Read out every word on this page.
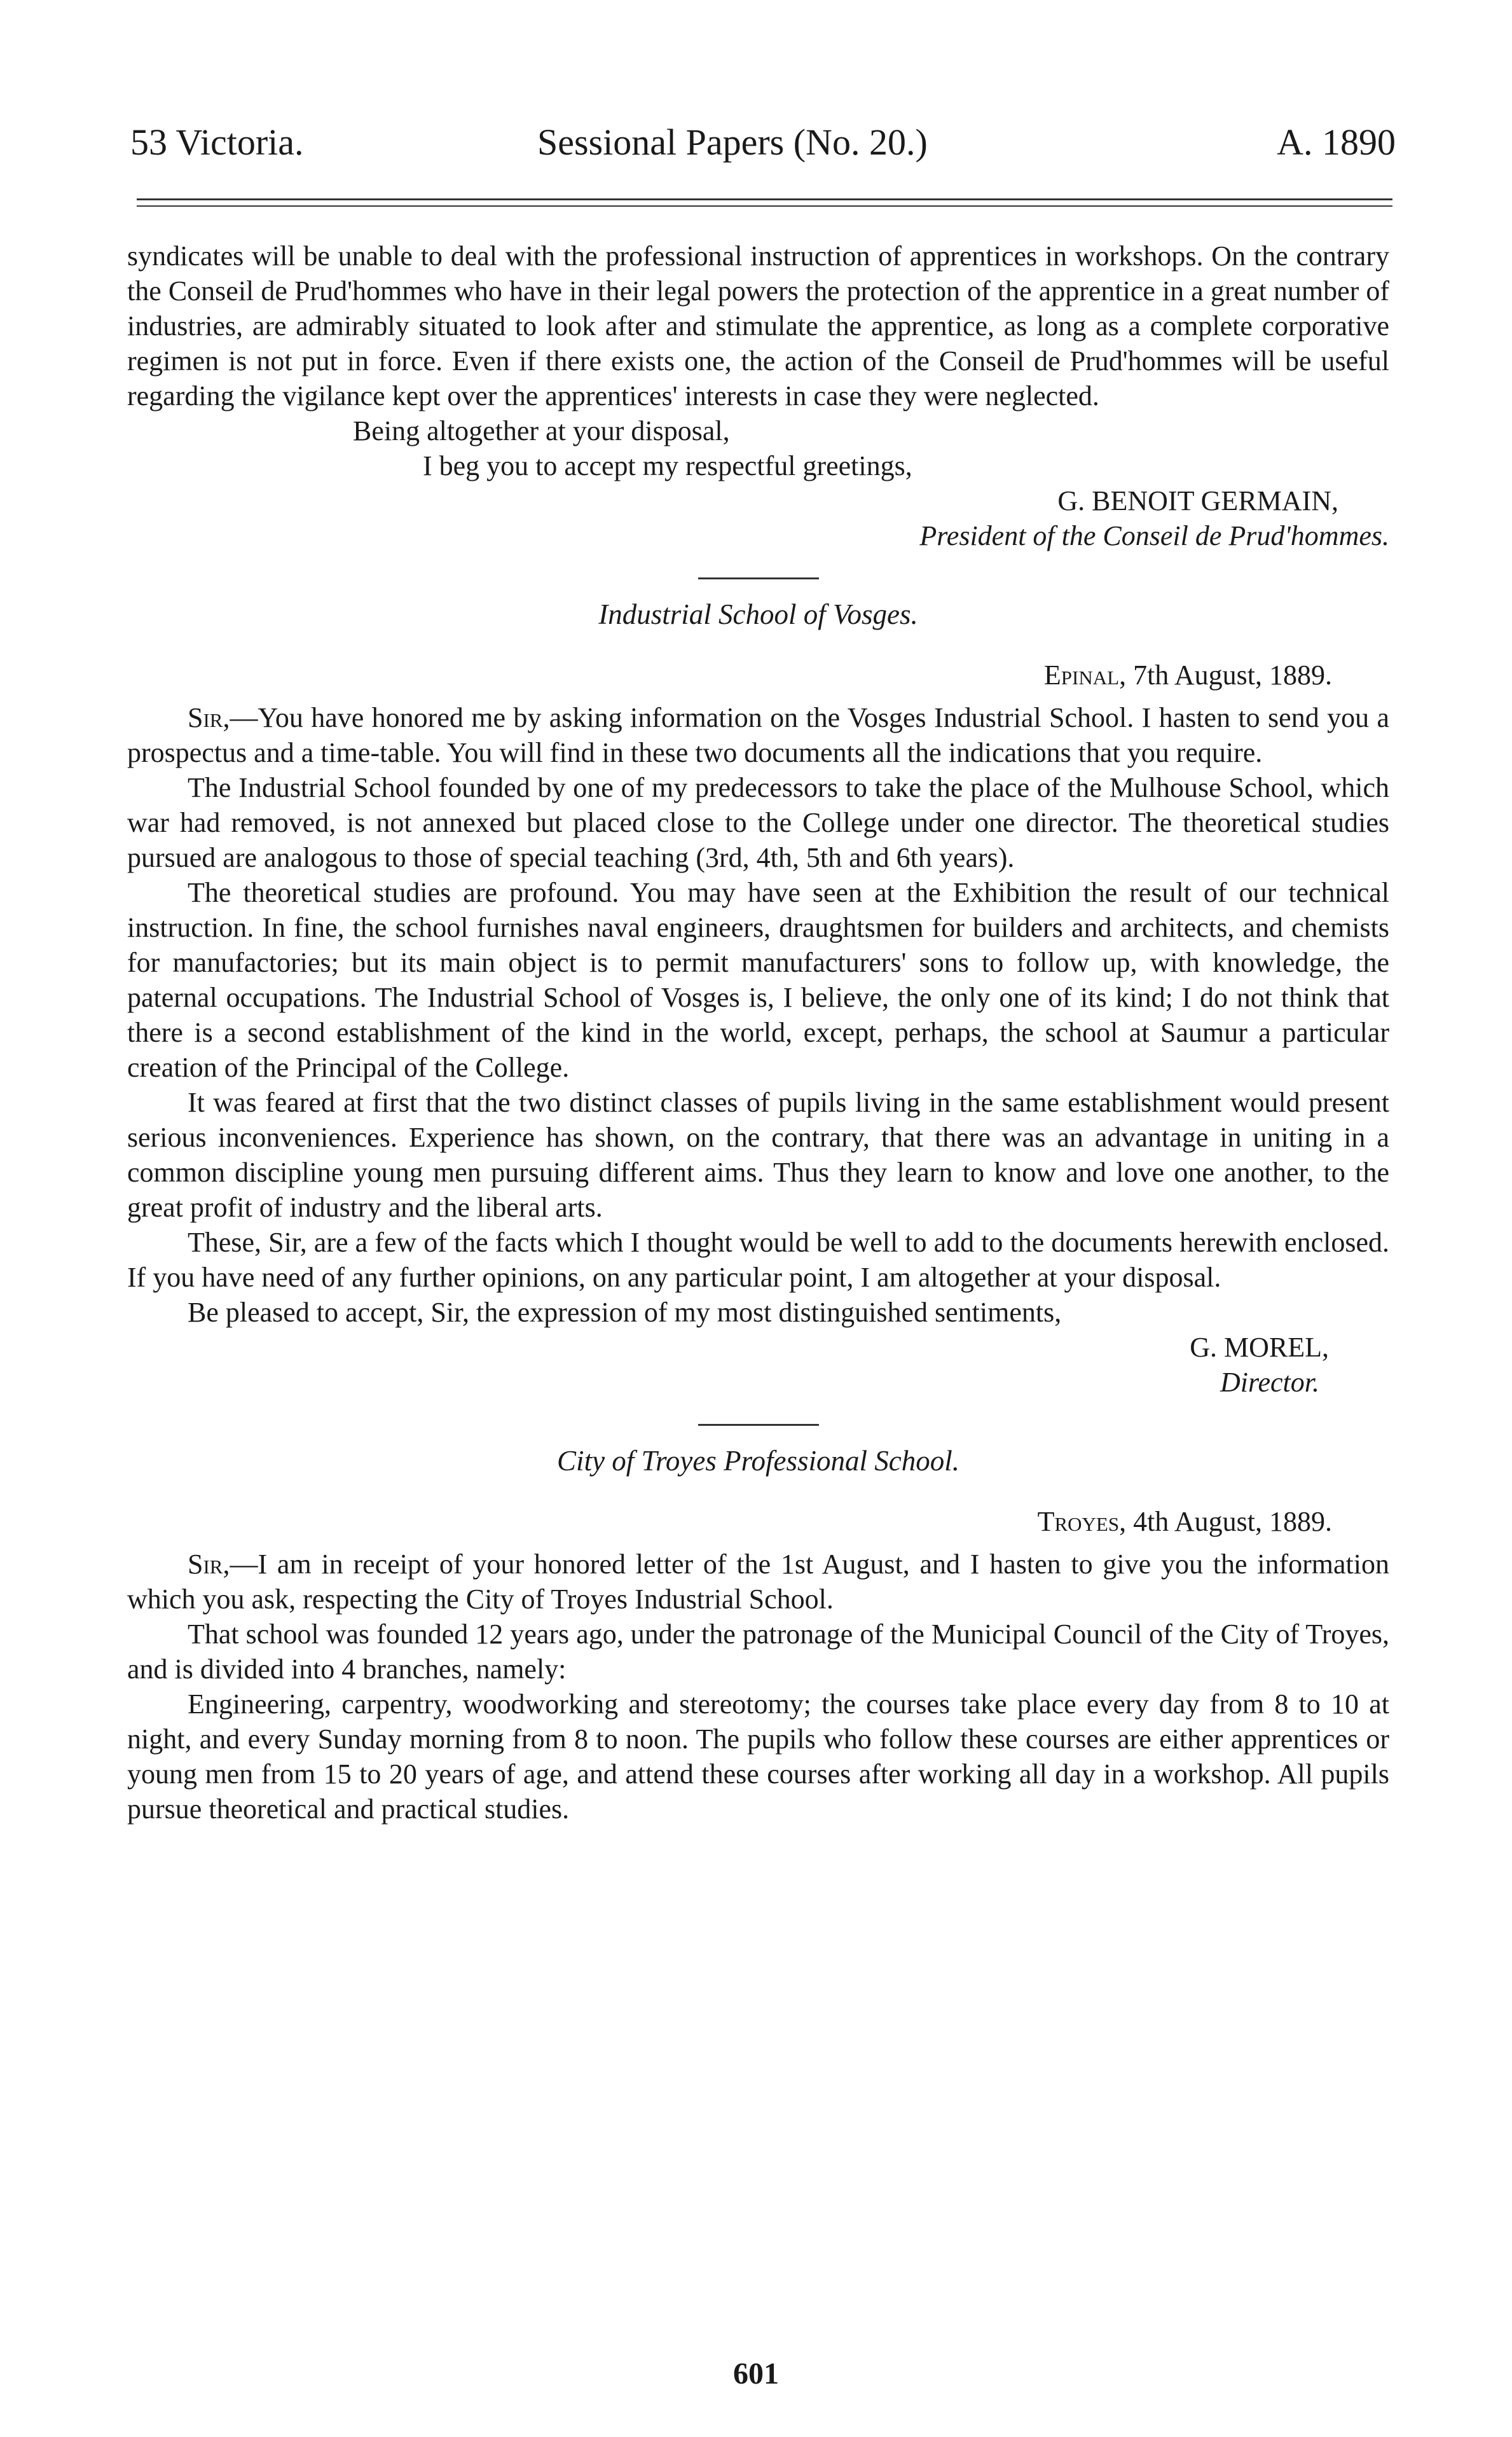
53 Victoria.	Sessional Papers (No. 20.)	A. 1890

syndicates will be unable to deal with the professional instruction of apprentices in workshops. On the contrary the Conseil de Prud'hommes who have in their legal powers the protection of the apprentice in a great number of industries, are admirably situated to look after and stimulate the apprentice, as long as a complete corporative regimen is not put in force. Even if there exists one, the action of the Conseil de Prud'hommes will be useful regarding the vigilance kept over the apprentices' interests in case they were neglected.

Being altogether at your disposal,

I beg you to accept my respectful greetings,

G. BENOIT GERMAIN,

President of the Conseil de Prud'hommes.

Industrial School of Vosges.

Epinal, 7th August, 1889.

Sir,—You have honored me by asking information on the Vosges Industrial School. I hasten to send you a prospectus and a time-table. You will find in these two documents all the indications that you require.

The Industrial School founded by one of my predecessors to take the place of the Mulhouse School, which war had removed, is not annexed but placed close to the College under one director. The theoretical studies pursued are analogous to those of special teaching (3rd, 4th, 5th and 6th years).

The theoretical studies are profound. You may have seen at the Exhibition the result of our technical instruction. In fine, the school furnishes naval engineers, draughtsmen for builders and architects, and chemists for manufactories; but its main object is to permit manufacturers' sons to follow up, with knowledge, the paternal occupations. The Industrial School of Vosges is, I believe, the only one of its kind; I do not think that there is a second establishment of the kind in the world, except, perhaps, the school at Saumur a particular creation of the Principal of the College.

It was feared at first that the two distinct classes of pupils living in the same establishment would present serious inconveniences. Experience has shown, on the contrary, that there was an advantage in uniting in a common discipline young men pursuing different aims. Thus they learn to know and love one another, to the great profit of industry and the liberal arts.

These, Sir, are a few of the facts which I thought would be well to add to the documents herewith enclosed. If you have need of any further opinions, on any particular point, I am altogether at your disposal.

Be pleased to accept, Sir, the expression of my most distinguished sentiments,

G. MOREL,

Director.

City of Troyes Professional School.

Troyes, 4th August, 1889.

Sir,—I am in receipt of your honored letter of the 1st August, and I hasten to give you the information which you ask, respecting the City of Troyes Industrial School.

That school was founded 12 years ago, under the patronage of the Municipal Council of the City of Troyes, and is divided into 4 branches, namely:

Engineering, carpentry, woodworking and stereotomy; the courses take place every day from 8 to 10 at night, and every Sunday morning from 8 to noon. The pupils who follow these courses are either apprentices or young men from 15 to 20 years of age, and attend these courses after working all day in a workshop. All pupils pursue theoretical and practical studies.

601
